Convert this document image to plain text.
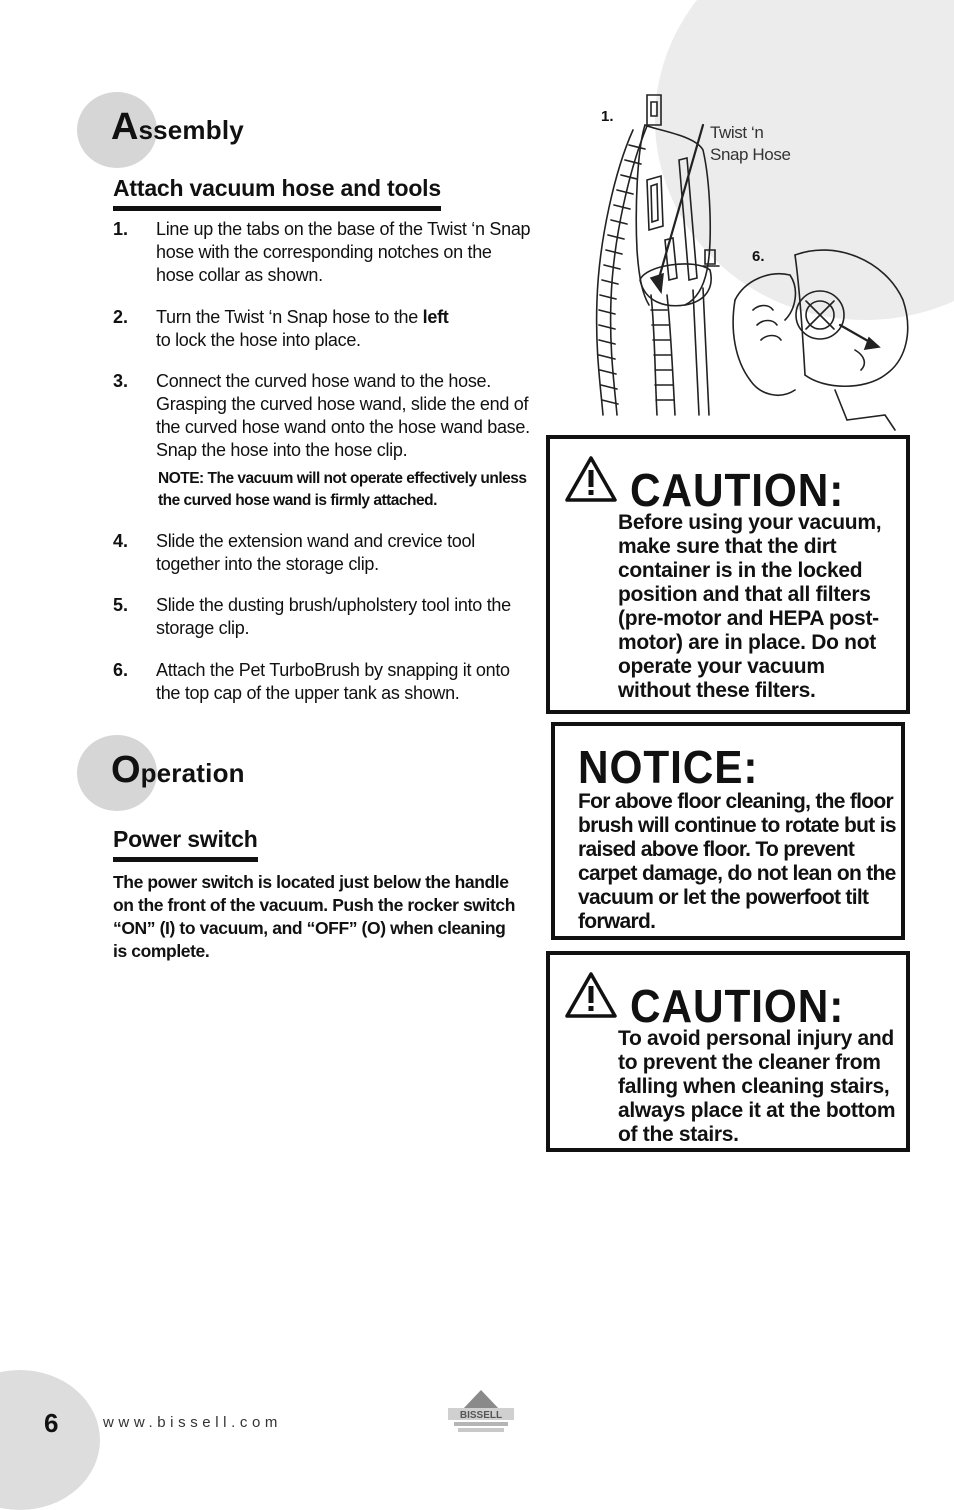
Assembly
Attach vacuum hose and tools
1. Line up the tabs on the base of the Twist ‘n Snap hose with the corresponding notches on the hose collar as shown.
2. Turn the Twist ‘n Snap hose to the left
to lock the hose into place.
3. Connect the curved hose wand to the hose. Grasping the curved hose wand, slide the end of the curved hose wand onto the hose wand base. Snap the hose into the hose clip.
NOTE: The vacuum will not operate effectively unless the curved hose wand is firmly attached.
4. Slide the extension wand and crevice tool together into the storage clip.
5. Slide the dusting brush/upholstery tool into the storage clip.
6. Attach the Pet TurboBrush by snapping it onto the top cap of the upper tank as shown.
Operation
Power switch
The power switch is located just below the handle on the front of the vacuum. Push the rocker switch “ON” (I) to vacuum, and “OFF” (O) when cleaning is complete.
1.
6.
Twist ‘n
Snap Hose
CAUTION:
Before using your vacuum, make sure that the dirt container is in the locked position and that all filters (pre-motor and HEPA post-motor) are in place. Do not operate your vacuum without these filters.
NOTICE:
For above floor cleaning, the floor brush will continue to rotate but is raised above floor. To prevent carpet damage, do not lean on the vacuum or let the powerfoot tilt forward.
CAUTION:
To avoid personal injury and to prevent the cleaner from falling when cleaning stairs, always place it at the bottom of the stairs.
6	www.bissell.com	BISSELL
